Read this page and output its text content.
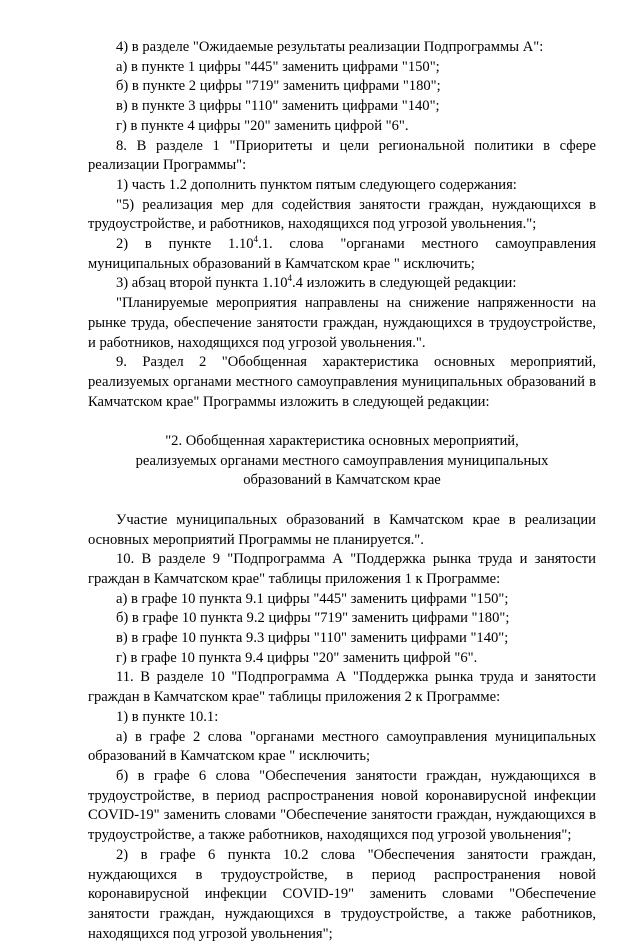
4) в разделе "Ожидаемые результаты реализации Подпрограммы А":

а) в пункте 1 цифры "445" заменить цифрами "150";

б) в пункте 2 цифры "719" заменить цифрами "180";

в) в пункте 3 цифры "110" заменить цифрами "140";

г) в пункте 4 цифры "20" заменить цифрой "6".

8. В разделе 1 "Приоритеты и цели региональной политики в сфере реализации Программы":

1) часть 1.2 дополнить пунктом пятым следующего содержания:

"5) реализация мер для содействия занятости граждан, нуждающихся в трудоустройстве, и работников, находящихся под угрозой увольнения.";

2) в пункте 1.10$^4$.1. слова "органами местного самоуправления муниципальных образований в Камчатском крае " исключить;

3) абзац второй пункта 1.10$^4$.4 изложить в следующей редакции:

"Планируемые мероприятия направлены на снижение напряженности на рынке труда, обеспечение занятости граждан, нуждающихся в трудоустройстве, и работников, находящихся под угрозой увольнения.".

9. Раздел 2 "Обобщенная характеристика основных мероприятий, реализуемых органами местного самоуправления муниципальных образований в Камчатском крае" Программы изложить в следующей редакции:

"2. Обобщенная характеристика основных мероприятий,

реализуемых органами местного самоуправления муниципальных

образований в Камчатском крае

Участие муниципальных образований в Камчатском крае в реализации основных мероприятий Программы не планируется.".

10. В разделе 9 "Подпрограмма А "Поддержка рынка труда и занятости граждан в Камчатском крае" таблицы приложения 1 к Программе:

а) в графе 10 пункта 9.1 цифры "445" заменить цифрами "150";

б) в графе 10 пункта 9.2 цифры "719" заменить цифрами "180";

в) в графе 10 пункта 9.3 цифры "110" заменить цифрами "140";

г) в графе 10 пункта 9.4 цифры "20" заменить цифрой "6".

11. В разделе 10 "Подпрограмма А "Поддержка рынка труда и занятости граждан в Камчатском крае" таблицы приложения 2 к Программе:

1) в пункте 10.1:

а) в графе 2 слова "органами местного самоуправления муниципальных образований в Камчатском крае " исключить;

б) в графе 6 слова "Обеспечения занятости граждан, нуждающихся в трудоустройстве, в период распространения новой коронавирусной инфекции COVID-19" заменить словами "Обеспечение занятости граждан, нуждающихся в трудоустройстве, а также работников, находящихся под угрозой увольнения";

2) в графе 6 пункта 10.2 слова "Обеспечения занятости граждан, нуждающихся в трудоустройстве, в период распространения новой коронавирусной инфекции COVID-19" заменить словами "Обеспечение занятости граждан, нуждающихся в трудоустройстве, а также работников, находящихся под угрозой увольнения";
